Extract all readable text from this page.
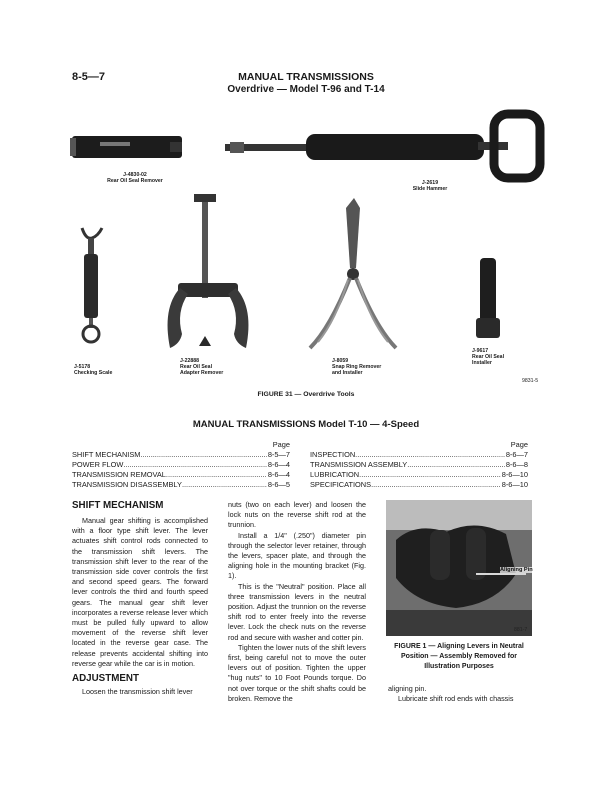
8-5—7	MANUAL TRANSMISSIONS
Overdrive — Model T-96 and T-14
J-4830-02
Rear Oil Seal Remover	J-2619
Slide Hammer
J-5178
Checking Scale
J-22888
Rear Oil Seal
Adapter Remover
J-8059
Snap Ring Remover
and Installer
J-9617
Rear Oil Seal
Installer
9831-5
FIGURE 31 — Overdrive Tools
MANUAL TRANSMISSIONS Model T-10 — 4-Speed
Page
SHIFT MECHANISM .....	8-5—7
POWER FLOW .....	8-6—4
TRANSMISSION REMOVAL .....	8-6—4
TRANSMISSION DISASSEMBLY .....	8-6—5
Page
INSPECTION .....	8-6—7
TRANSMISSION ASSEMBLY .....	8-6—8
LUBRICATION .....	8-6—10
SPECIFICATIONS .....	8-6—10
SHIFT MECHANISM

Manual gear shifting is accomplished with a floor type shift lever. The lever actuates shift control rods connected to the transmission shift levers. The transmission shift lever to the rear of the transmission side cover controls the first and second speed gears. The forward lever controls the third and fourth speed gears. The manual gear shift lever incorporates a reverse release lever which must be pulled fully upward to allow movement of the reverse shift lever located in the reverse gear case. The release prevents accidental shifting into reverse gear while the car is in motion.

ADJUSTMENT

Loosen the transmission shift lever

nuts (two on each lever) and loosen the lock nuts on the reverse shift rod at the trunnion.

Install a 1/4" (.250") diameter pin through the selector lever retainer, through the levers, spacer plate, and through the aligning hole in the mounting bracket (Fig. 1).

This is the "Neutral" position. Place all three transmission levers in the neutral position. Adjust the trunnion on the reverse shift rod to enter freely into the reverse lever. Lock the check nuts on the reverse rod and secure with washer and cotter pin.

Tighten the lower nuts of the shift levers first, being careful not to move the outer levers out of position. Tighten the upper "hug nuts" to 10 Foot Pounds torque. Do not over torque or the shift shafts could be broken. Remove the

Aligning Pin
881-7
FIGURE 1 — Aligning Levers in Neutral Position — Assembly Removed for Illustration Purposes

aligning pin.

Lubricate shift rod ends with chassis
